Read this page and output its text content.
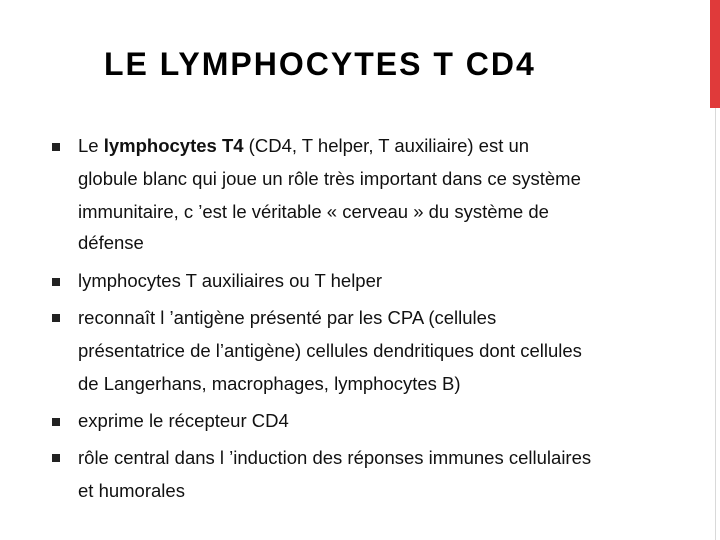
LE LYMPHOCYTES T CD4
Le lymphocytes T4 (CD4, T helper, T auxiliaire) est un
globule blanc qui joue un rôle très important dans ce système
immunitaire, c ’est le véritable « cerveau » du système de
défense
lymphocytes T auxiliaires ou T helper
reconnaît l ’antigène présenté par les CPA (cellules
présentatrice de l’antigène) cellules dendritiques dont cellules
de Langerhans, macrophages, lymphocytes B)
exprime le récepteur CD4
rôle central dans l ’induction des réponses immunes cellulaires
et humorales
